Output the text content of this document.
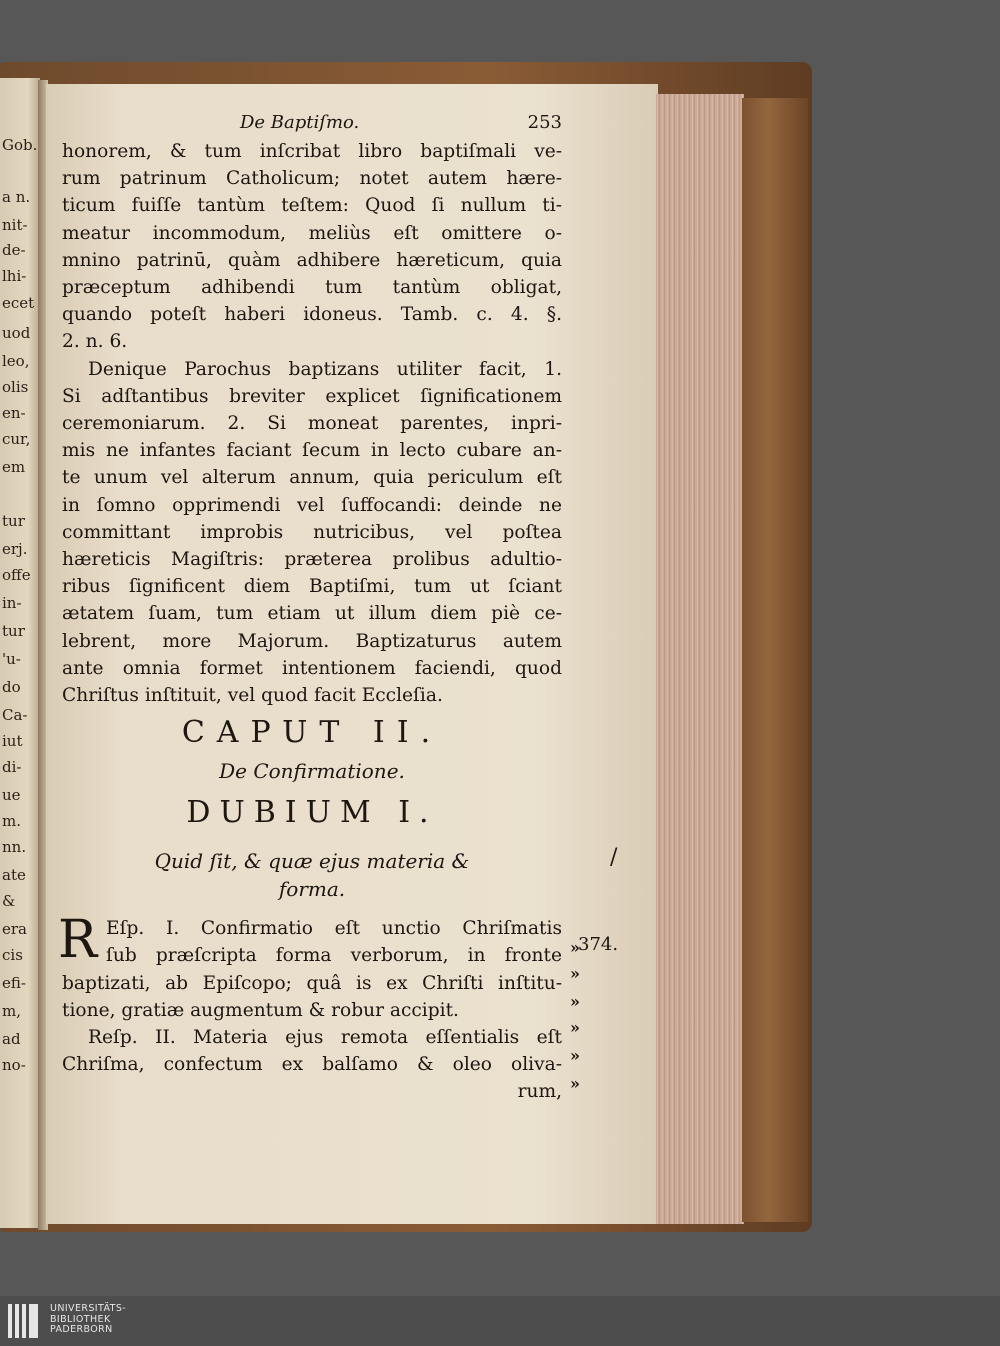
Gob.
a n.
nit-
de-
lhi-
ecet
uod
leo,
olis
en-
cur,
em
tur
erj.
offe
in-
tur
'u-
do
Ca-
iut
di-
ue
m.
nn.
ate
&
era
cis
efi-
m,
ad
no-
De Baptiſmo.	253
honorem, & tum inſcribat libro baptiſmali ve-
rum patrinum Catholicum; notet autem hære-
ticum fuiſſe tantùm teſtem: Quod ſi nullum ti-
meatur incommodum, meliùs eſt omittere o-
mnino patrinū, quàm adhibere hæreticum, quia
præceptum adhibendi tum tantùm obligat,
quando poteſt haberi idoneus. Tamb. c. 4. §.
2. n. 6.
Denique Parochus baptizans utiliter facit, 1.
Si adſtantibus breviter explicet ſignificationem
ceremoniarum. 2. Si moneat parentes, inpri-
mis ne infantes faciant ſecum in lecto cubare an-
te unum vel alterum annum, quia periculum eſt
in ſomno opprimendi vel ſuffocandi: deinde ne
committant improbis nutricibus, vel poſtea
hæreticis Magiſtris: præterea prolibus adultio-
ribus ſignificent diem Baptiſmi, tum ut ſciant
ætatem ſuam, tum etiam ut illum diem piè ce-
lebrent, more Majorum. Baptizaturus autem
ante omnia formet intentionem faciendi, quod
Chriſtus inſtituit, vel quod facit Eccleſia.
CAPUT II.
De Confirmatione.
DUBIUM I.
Quid ſit, & quæ ejus materia &
forma.
R Eſp. I. Confirmatio eſt unctio Chriſmatis
ſub præſcripta forma verborum, in fronte
baptizati, ab Epiſcopo; quâ is ex Chriſti inſtitu-
tione, gratiæ augmentum & robur accipit.
Reſp. II. Materia ejus remota eſſentialis eſt
Chriſma, confectum ex balſamo & oleo oliva-
rum,
»
»
»
»
»
»
374.
/
UNIVERSITÄTS-
BIBLIOTHEK
PADERBORN
